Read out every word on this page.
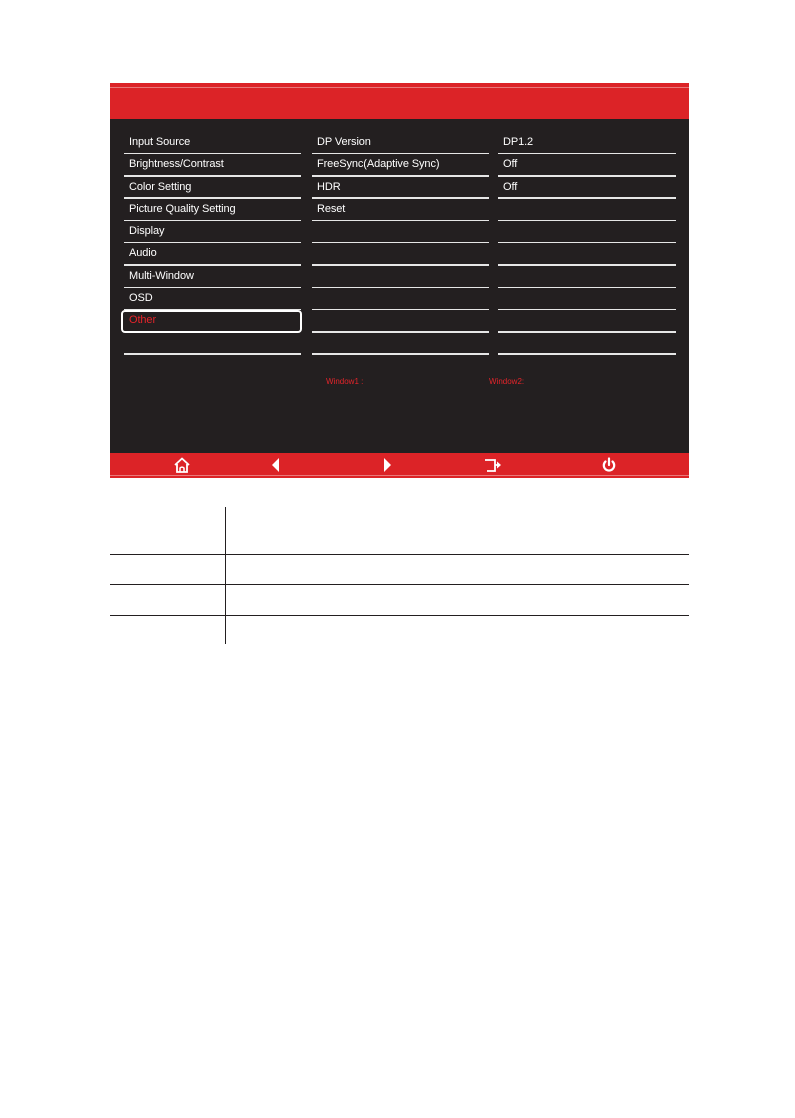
Input Source
Brightness/Contrast
Color Setting
Picture Quality Setting
Display
Audio
Multi-Window
OSD
Other
DP Version
FreeSync(Adaptive Sync)
HDR
Reset
DP1.2
Off
Off
Window1 :	Window2:
